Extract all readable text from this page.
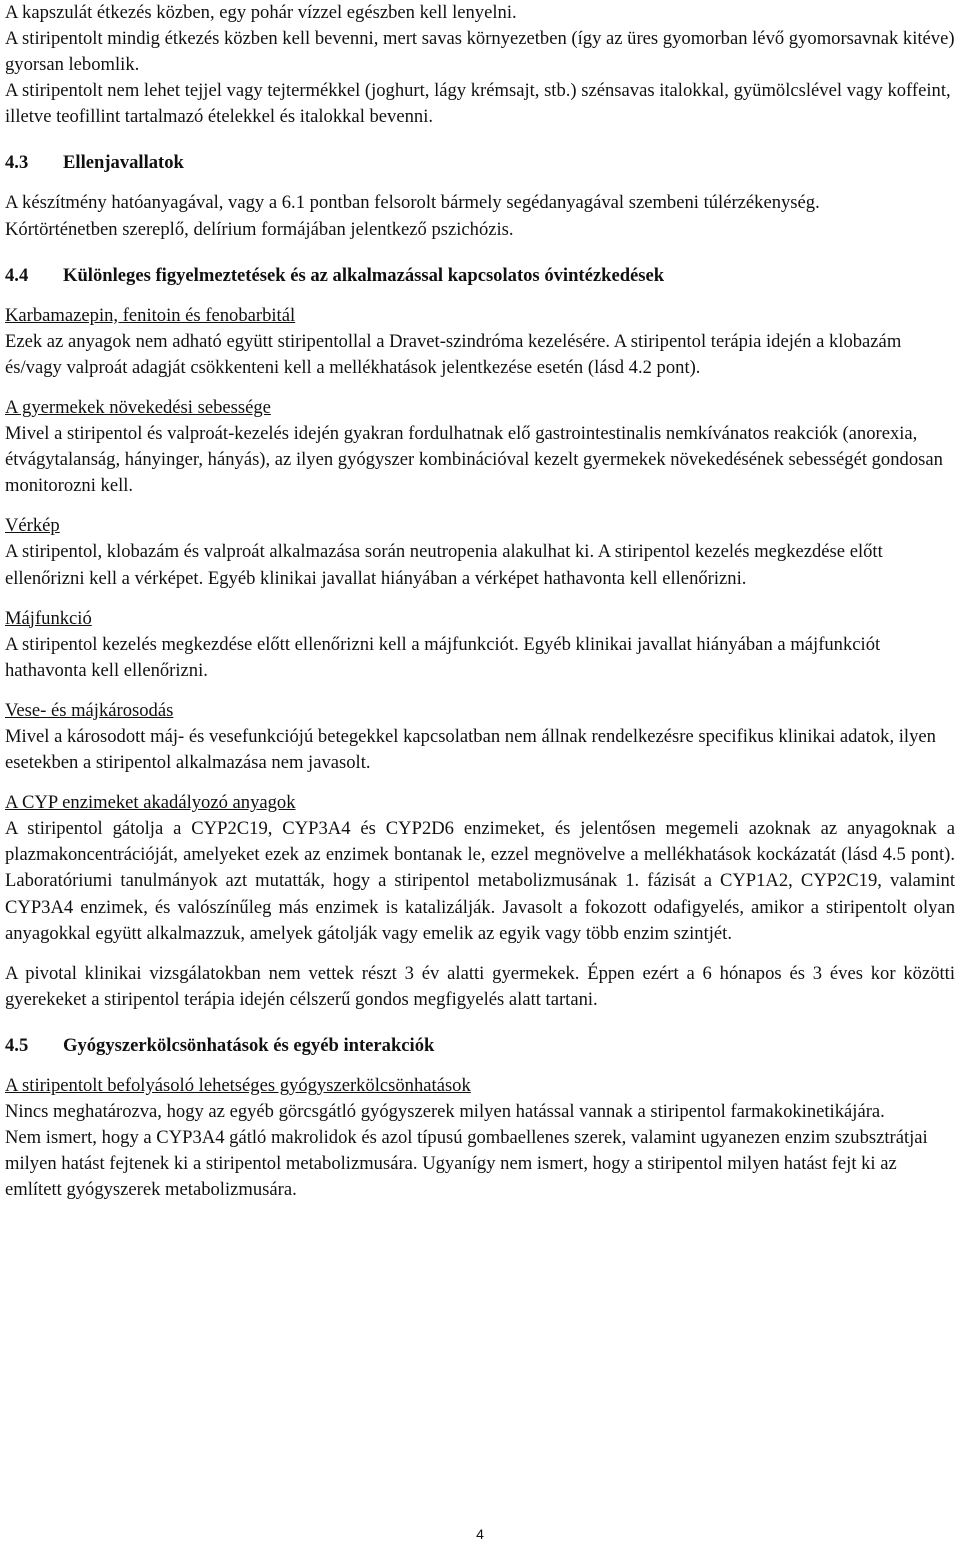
A kapszulát étkezés közben, egy pohár vízzel egészben kell lenyelni.

A stiripentolt mindig étkezés közben kell bevenni, mert savas környezetben (így az üres gyomorban lévő gyomorsavnak kitéve) gyorsan lebomlik.

A stiripentolt nem lehet tejjel vagy tejtermékkel (joghurt, lágy krémsajt, stb.) szénsavas italokkal, gyümölcslével vagy koffeint, illetve teofillint tartalmazó ételekkel és italokkal bevenni.

4.3	Ellenjavallatok

A készítmény hatóanyagával, vagy a 6.1 pontban felsorolt bármely segédanyagával szembeni túlérzékenység.

Kórtörténetben szereplő, delírium formájában jelentkező pszichózis.

4.4	Különleges figyelmeztetések és az alkalmazással kapcsolatos óvintézkedések

Karbamazepin, fenitoin és fenobarbitál

Ezek az anyagok nem adható együtt stiripentollal a Dravet-szindróma kezelésére. A stiripentol terápia idején a klobazám és/vagy valproát adagját csökkenteni kell a mellékhatások jelentkezése esetén (lásd 4.2 pont).

A gyermekek növekedési sebessége

Mivel a stiripentol és valproát-kezelés idején gyakran fordulhatnak elő gastrointestinalis nemkívánatos reakciók (anorexia, étvágytalanság, hányinger, hányás), az ilyen gyógyszer kombinációval kezelt gyermekek növekedésének sebességét gondosan monitorozni kell.

Vérkép

A stiripentol, klobazám és valproát alkalmazása során neutropenia alakulhat ki. A stiripentol kezelés megkezdése előtt ellenőrizni kell a vérképet. Egyéb klinikai javallat hiányában a vérképet hathavonta kell ellenőrizni.

Májfunkció

A stiripentol kezelés megkezdése előtt ellenőrizni kell a májfunkciót. Egyéb klinikai javallat hiányában a májfunkciót hathavonta kell ellenőrizni.

Vese- és májkárosodás

Mivel a károsodott máj- és vesefunkciójú betegekkel kapcsolatban nem állnak rendelkezésre specifikus klinikai adatok, ilyen esetekben a stiripentol alkalmazása nem javasolt.

A CYP enzimeket akadályozó anyagok

A stiripentol gátolja a CYP2C19, CYP3A4 és CYP2D6 enzimeket, és jelentősen megemeli azoknak az anyagoknak a plazmakoncentrációját, amelyeket ezek az enzimek bontanak le, ezzel megnövelve a mellékhatások kockázatát (lásd 4.5 pont). Laboratóriumi tanulmányok azt mutatták, hogy a stiripentol metabolizmusának 1. fázisát a CYP1A2, CYP2C19, valamint CYP3A4 enzimek, és valószínűleg más enzimek is katalizálják. Javasolt a fokozott odafigyelés, amikor a stiripentolt olyan anyagokkal együtt alkalmazzuk, amelyek gátolják vagy emelik az egyik vagy több enzim szintjét.

A pivotal klinikai vizsgálatokban nem vettek részt 3 év alatti gyermekek. Éppen ezért a 6 hónapos és 3 éves kor közötti gyerekeket a stiripentol terápia idején célszerű gondos megfigyelés alatt tartani.

4.5	Gyógyszerkölcsönhatások és egyéb interakciók

A stiripentolt befolyásoló lehetséges gyógyszerkölcsönhatások

Nincs meghatározva, hogy az egyéb görcsgátló gyógyszerek milyen hatással vannak a stiripentol farmakokinetikájára.

Nem ismert, hogy a CYP3A4 gátló makrolidok és azol típusú gombaellenes szerek, valamint ugyanezen enzim szubsztrátjai milyen hatást fejtenek ki a stiripentol metabolizmusára. Ugyanígy nem ismert, hogy a stiripentol milyen hatást fejt ki az említett gyógyszerek metabolizmusára.

4
